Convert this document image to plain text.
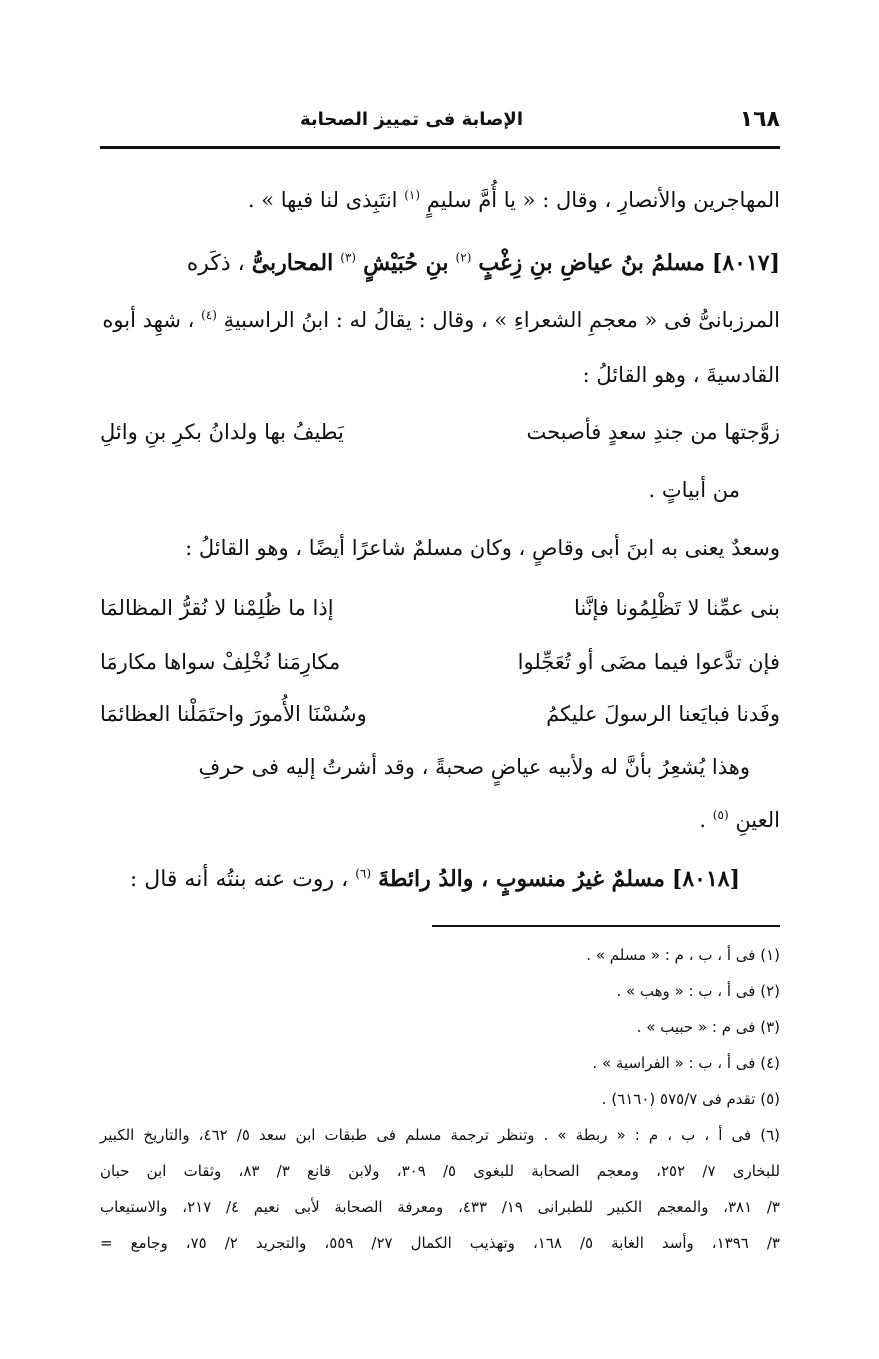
١٦٨
الإصابة فى تمييز الصحابة
المهاجرين والأنصارِ ، وقال : « يا أُمَّ سليمٍ $^{(١)}$ انتَبِذى لنا فيها » .
[٨٠١٧] مسلمُ بنُ عياضِ بنِ زِغْبٍ $^{(٢)}$ بنِ حُبَيْشٍ $^{(٣)}$ المحاربىُّ ، ذكَره
المرزبانىُّ فى « معجمِ الشعراءِ » ، وقال : يقالُ له : ابنُ الراسبيةِ $^{(٤)}$ ، شهِد أبوه
القادسيةَ ، وهو القائلُ :
زوَّجتها من جندِ سعدٍ فأصبحت
يَطيفُ بها ولدانُ بكرِ بنِ وائلِ
من أبياتٍ .
وسعدٌ يعنى به ابنَ أبى وقاصٍ ، وكان مسلمٌ شاعرًا أيضًا ، وهو القائلُ :
بنى عمِّنا لا تَظْلِمُونا فإنَّنا
إذا ما ظُلِمْنا لا نُقرُّ المظالمَا
فإن تدَّعوا فيما مضَى أو تُعَجِّلوا
مكارِمَنا نُخْلِفْ سواها مكارمَا
وفَدنا فبايَعنا الرسولَ عليكمُ
وسُسْنَا الأُمورَ واحتَمَلْنا العظائمَا
وهذا يُشعِرُ بأنَّ له ولأبيه عياضٍ صحبةً ، وقد أشرتُ إليه فى حرفِ
العينِ $^{(٥)}$ .
[٨٠١٨] مسلمٌ غيرُ منسوبٍ ، والدُ رائطةَ $^{(٦)}$ ، روت عنه بنتُه أنه قال :
(١) فى أ ، ب ، م : « مسلم » .
(٢) فى أ ، ب : « وهب » .
(٣) فى م : « حبيب » .
(٤) فى أ ، ب : « الفراسية » .
(٥) تقدم فى ٥٧٥/٧ (٦١٦٠) .
(٦) فى أ ، ب ، م : « ربطة » . وتنظر ترجمة مسلم فى طبقات ابن سعد ٥/ ٤٦٢، والتاريخ الكبير
للبخارى ٧/ ٢٥٢، ومعجم الصحابة للبغوى ٥/ ٣٠٩، ولابن قانع ٣/ ٨٣، وثقات ابن حبان
٣/ ٣٨١، والمعجم الكبير للطبرانى ١٩/ ٤٣٣، ومعرفة الصحابة لأبى نعيم ٤/ ٢١٧، والاستيعاب
٣/ ١٣٩٦، وأسد الغابة ٥/ ١٦٨، وتهذيب الكمال ٢٧/ ٥٥٩، والتجريد ٢/ ٧٥، وجامع =
